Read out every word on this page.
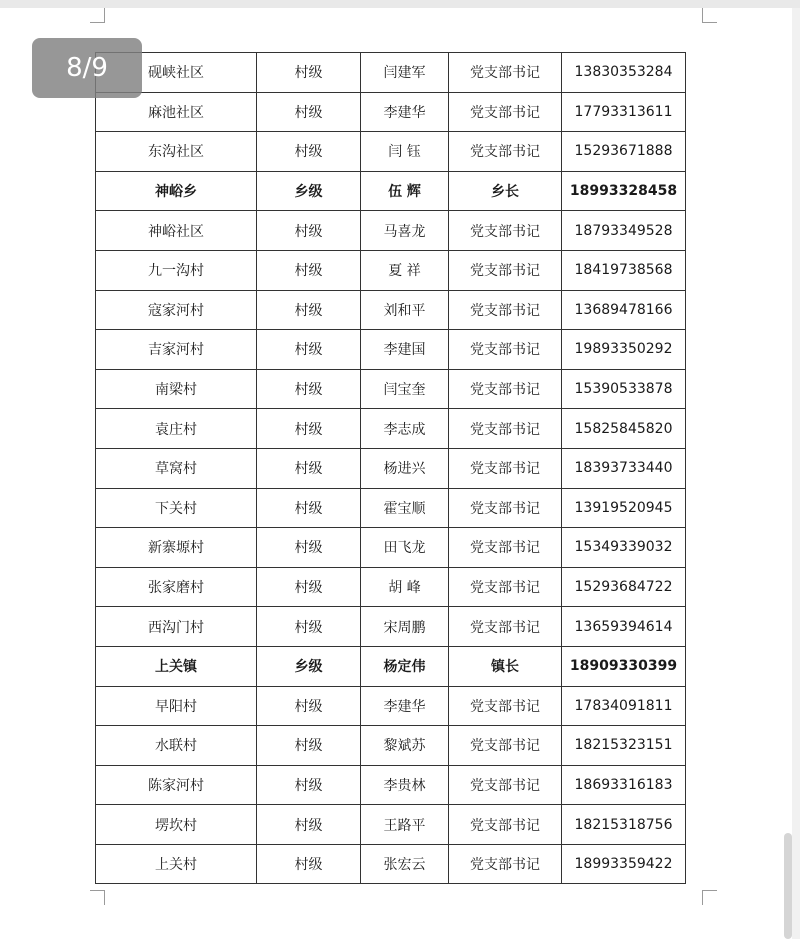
8/9	砚峡社区	村级	闫建军	党支部书记	13830353284
麻池社区	村级	李建华	党支部书记	17793313611
东沟社区	村级	闫 钰	党支部书记	15293671888
神峪乡	乡级	伍 辉	乡长	18993328458
神峪社区	村级	马喜龙	党支部书记	18793349528
九一沟村	村级	夏 祥	党支部书记	18419738568
寇家河村	村级	刘和平	党支部书记	13689478166
吉家河村	村级	李建国	党支部书记	19893350292
南梁村	村级	闫宝奎	党支部书记	15390533878
袁庄村	村级	李志成	党支部书记	15825845820
草窝村	村级	杨进兴	党支部书记	18393733440
下关村	村级	霍宝顺	党支部书记	13919520945
新寨塬村	村级	田飞龙	党支部书记	15349339032
张家磨村	村级	胡 峰	党支部书记	15293684722
西沟门村	村级	宋周鹏	党支部书记	13659394614
上关镇	乡级	杨定伟	镇长	18909330399
早阳村	村级	李建华	党支部书记	17834091811
水联村	村级	黎斌苏	党支部书记	18215323151
陈家河村	村级	李贵林	党支部书记	18693316183
塄坎村	村级	王路平	党支部书记	18215318756
上关村	村级	张宏云	党支部书记	18993359422
